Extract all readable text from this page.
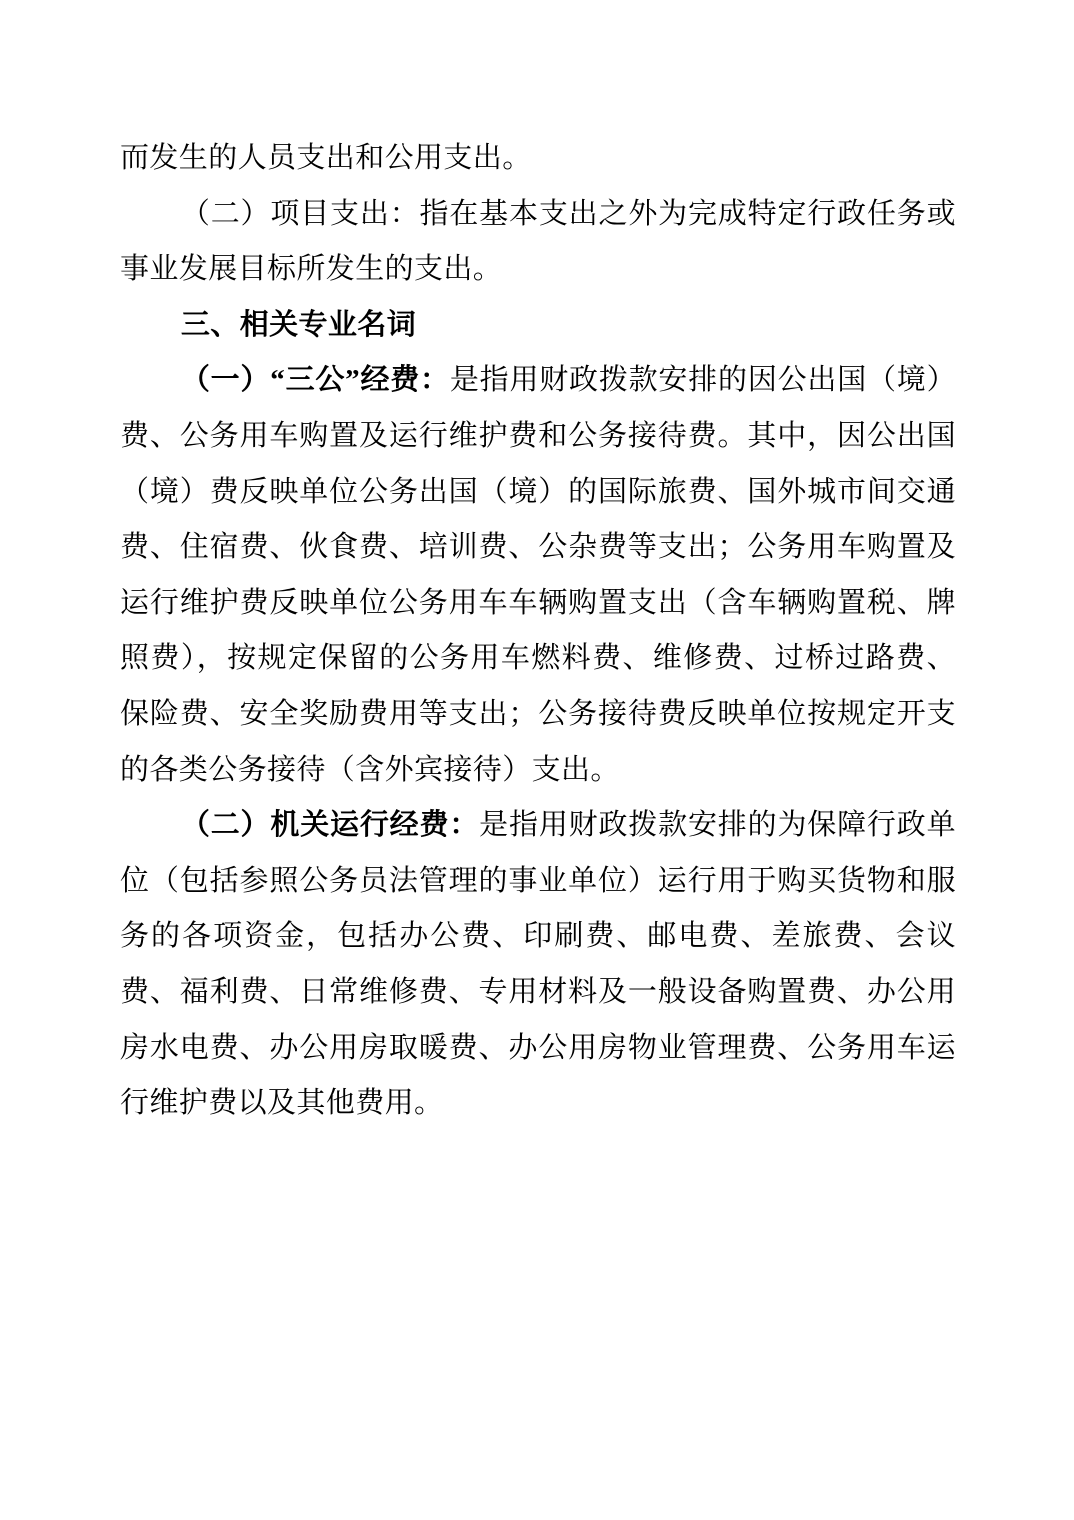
而发生的人员支出和公用支出。

（二）项目支出：指在基本支出之外为完成特定行政任务或事业发展目标所发生的支出。

三、相关专业名词

（一）“三公”经费：是指用财政拨款安排的因公出国（境）费、公务用车购置及运行维护费和公务接待费。其中，因公出国（境）费反映单位公务出国（境）的国际旅费、国外城市间交通费、住宿费、伙食费、培训费、公杂费等支出；公务用车购置及运行维护费反映单位公务用车车辆购置支出（含车辆购置税、牌照费），按规定保留的公务用车燃料费、维修费、过桥过路费、保险费、安全奖励费用等支出；公务接待费反映单位按规定开支的各类公务接待（含外宾接待）支出。

（二）机关运行经费：是指用财政拨款安排的为保障行政单位（包括参照公务员法管理的事业单位）运行用于购买货物和服务的各项资金，包括办公费、印刷费、邮电费、差旅费、会议费、福利费、日常维修费、专用材料及一般设备购置费、办公用房水电费、办公用房取暖费、办公用房物业管理费、公务用车运行维护费以及其他费用。
